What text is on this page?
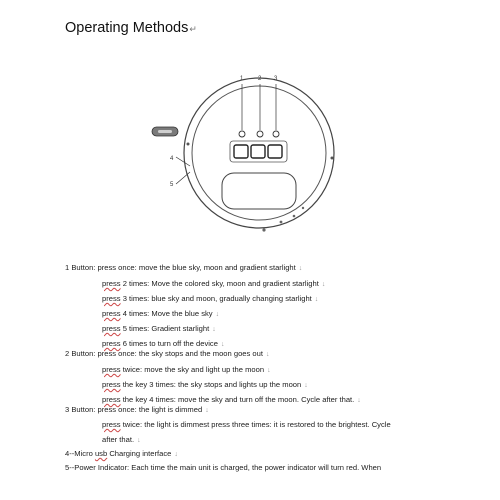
Operating Methods↵
1 2 3
4
5
1 Button: press once: move the blue sky, moon and gradient starlight ↓
press 2 times: Move the colored sky, moon and gradient starlight ↓
press 3 times: blue sky and moon, gradually changing starlight ↓
press 4 times: Move the blue sky ↓
press 5 times: Gradient starlight ↓
press 6 times to turn off the device ↓
2 Button: press once: the sky stops and the moon goes out ↓
press twice: move the sky and light up the moon ↓
press the key 3 times: the sky stops and lights up the moon ↓
press the key 4 times: move the sky and turn off the moon. Cycle after that. ↓
3 Button: press once: the light is dimmed ↓
press twice: the light is dimmest press three times: it is restored to the brightest. Cycle
after that. ↓
4--Micro usb Charging interface ↓
5--Power Indicator: Each time the main unit is charged, the power indicator will turn red. When
